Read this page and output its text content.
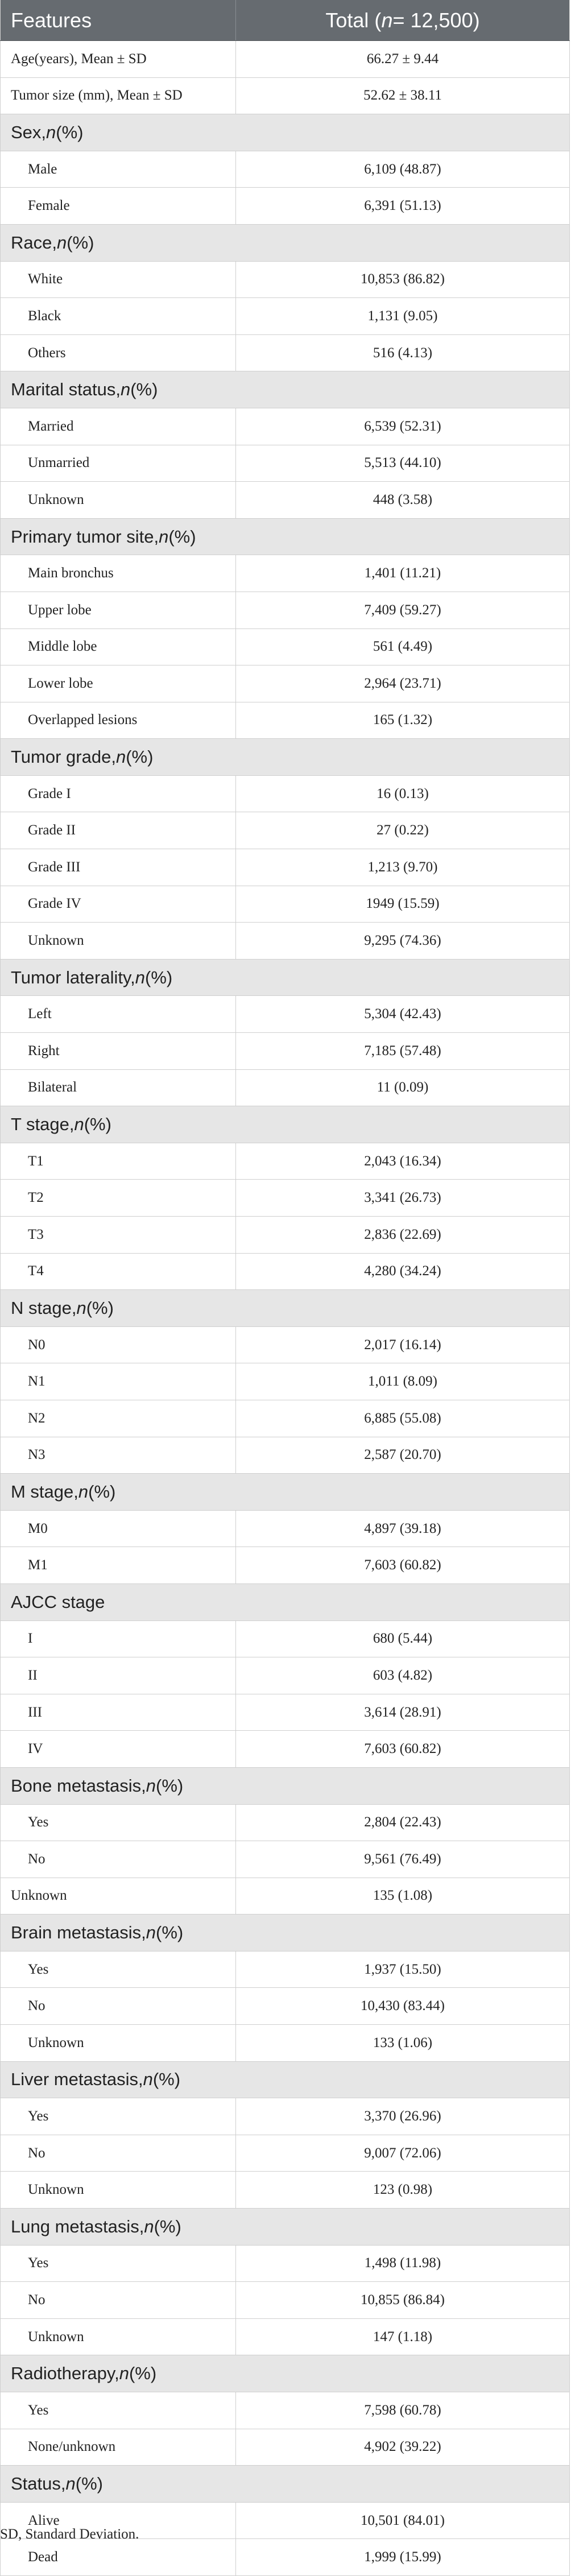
Features	Total ( n = 12,500)
Age(years), Mean ± SD	66.27 ± 9.44
Tumor size (mm), Mean ± SD	52.62 ± 38.11
Sex, n (%)
Male	6,109 (48.87)
Female	6,391 (51.13)
Race, n (%)
White	10,853 (86.82)
Black	1,131 (9.05)
Others	516 (4.13)
Marital status, n (%)
Married	6,539 (52.31)
Unmarried	5,513 (44.10)
Unknown	448 (3.58)
Primary tumor site, n (%)
Main bronchus	1,401 (11.21)
Upper lobe	7,409 (59.27)
Middle lobe	561 (4.49)
Lower lobe	2,964 (23.71)
Overlapped lesions	165 (1.32)
Tumor grade, n (%)
Grade I	16 (0.13)
Grade II	27 (0.22)
Grade III	1,213 (9.70)
Grade IV	1949 (15.59)
Unknown	9,295 (74.36)
Tumor laterality, n (%)
Left	5,304 (42.43)
Right	7,185 (57.48)
Bilateral	11 (0.09)
T stage, n (%)
T1	2,043 (16.34)
T2	3,341 (26.73)
T3	2,836 (22.69)
T4	4,280 (34.24)
N stage, n (%)
N0	2,017 (16.14)
N1	1,011 (8.09)
N2	6,885 (55.08)
N3	2,587 (20.70)
M stage, n (%)
M0	4,897 (39.18)
M1	7,603 (60.82)
AJCC stage
I	680 (5.44)
II	603 (4.82)
III	3,614 (28.91)
IV	7,603 (60.82)
Bone metastasis, n (%)
Yes	2,804 (22.43)
No	9,561 (76.49)
Unknown	135 (1.08)
Brain metastasis, n (%)
Yes	1,937 (15.50)
No	10,430 (83.44)
Unknown	133 (1.06)
Liver metastasis, n (%)
Yes	3,370 (26.96)
No	9,007 (72.06)
Unknown	123 (0.98)
Lung metastasis, n (%)
Yes	1,498 (11.98)
No	10,855 (86.84)
Unknown	147 (1.18)
Radiotherapy, n (%)
Yes	7,598 (60.78)
None/unknown	4,902 (39.22)
Status, n (%)
Alive	10,501 (84.01)
Dead	1,999 (15.99)
SD, Standard Deviation.
